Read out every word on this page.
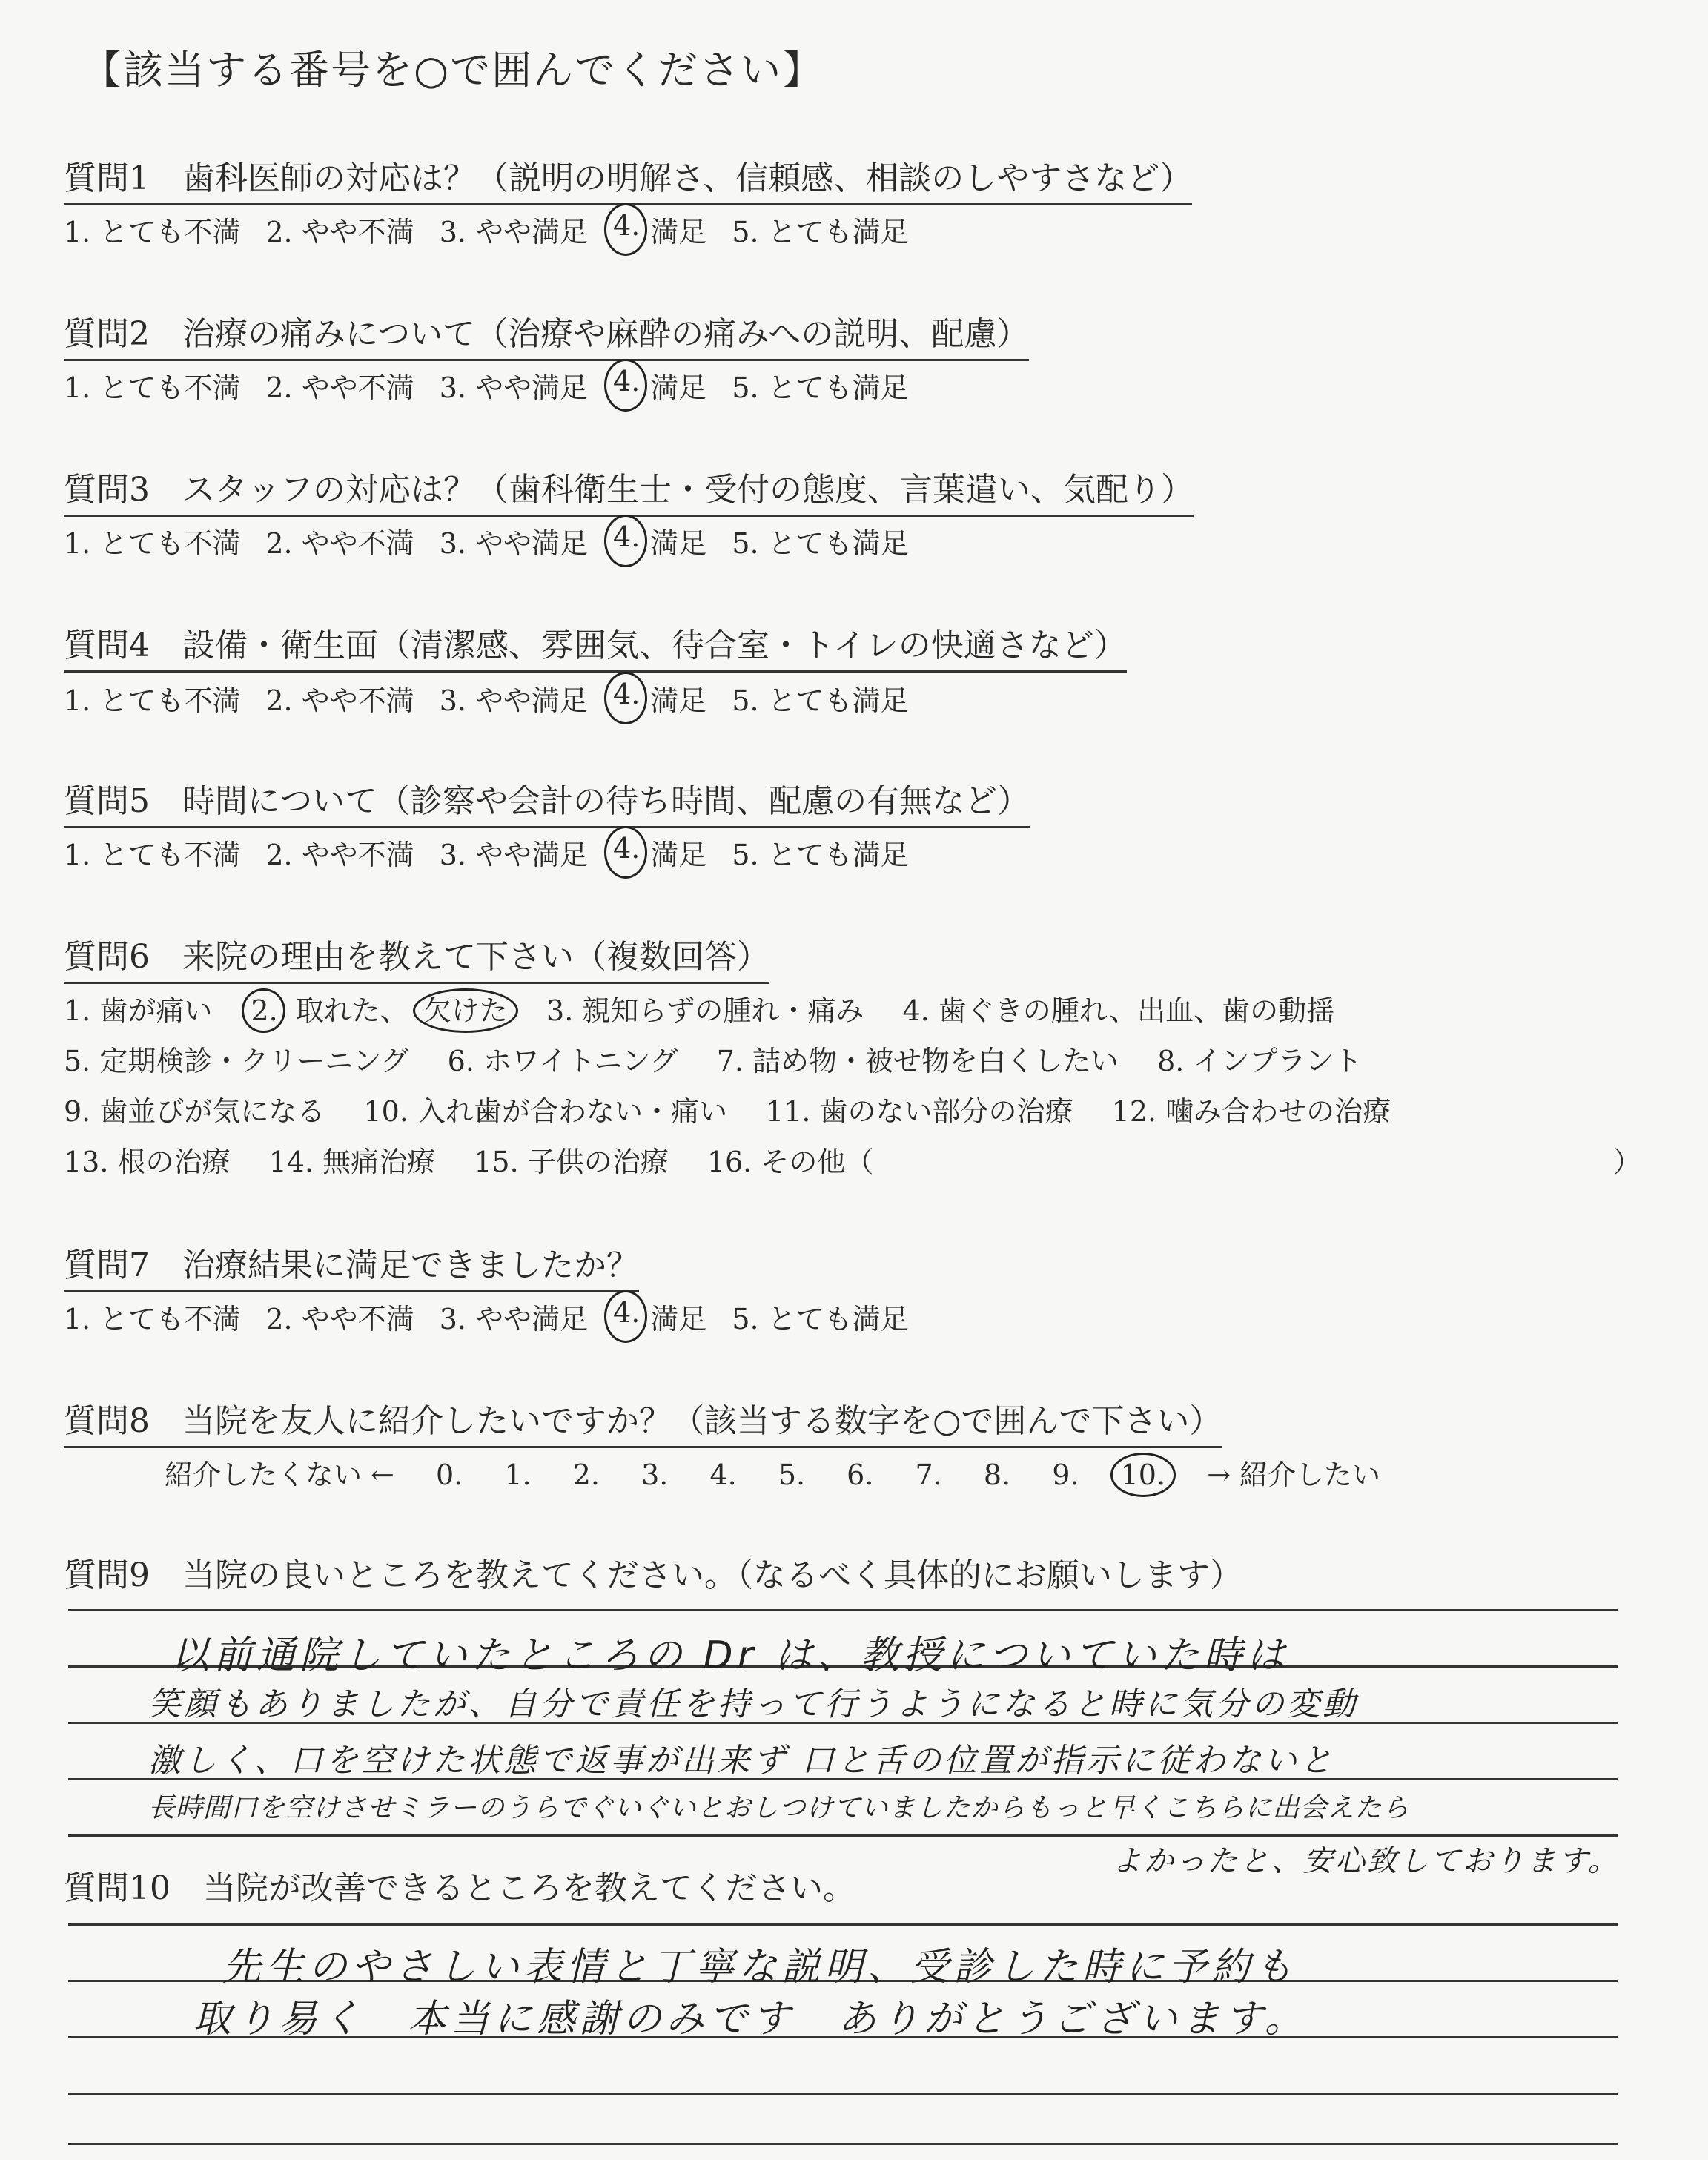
【該当する番号を○で囲んでください】
質問1　歯科医師の対応は？（説明の明解さ、信頼感、相談のしやすさなど）
1. とても不満 2. やや不満 3. やや満足 4. 満足 5. とても満足
質問2　治療の痛みについて（治療や麻酔の痛みへの説明、配慮）
1. とても不満 2. やや不満 3. やや満足 4. 満足 5. とても満足
質問3　スタッフの対応は？（歯科衛生士・受付の態度、言葉遣い、気配り）
1. とても不満 2. やや不満 3. やや満足 4. 満足 5. とても満足
質問4　設備・衛生面（清潔感、雰囲気、待合室・トイレの快適さなど）
1. とても不満 2. やや不満 3. やや満足 4. 満足 5. とても満足
質問5　時間について（診察や会計の待ち時間、配慮の有無など）
1. とても不満 2. やや不満 3. やや満足 4. 満足 5. とても満足
質問6　来院の理由を教えて下さい（複数回答）
1. 歯が痛い 2. 取れた、 欠けた 3. 親知らずの腫れ・痛み 4. 歯ぐきの腫れ、出血、歯の動揺
5. 定期検診・クリーニング 6. ホワイトニング 7. 詰め物・被せ物を白くしたい 8. インプラント
9. 歯並びが気になる 10. 入れ歯が合わない・痛い 11. 歯のない部分の治療 12. 噛み合わせの治療
13. 根の治療 14. 無痛治療 15. 子供の治療 16. その他（	）
質問7　治療結果に満足できましたか？
1. とても不満 2. やや不満 3. やや満足 4. 満足 5. とても満足
質問8　当院を友人に紹介したいですか？（該当する数字を○で囲んで下さい）
紹介したくない ← 0. 1. 2. 3. 4. 5. 6. 7. 8. 9. 10. → 紹介したい
質問9　当院の良いところを教えてください。（なるべく具体的にお願いします）
以前通院していたところの Dr は、教授についていた時は
笑顔もありましたが、自分で責任を持って行うようになると時に気分の変動
激しく、口を空けた状態で返事が出来ず 口と舌の位置が指示に従わないと
長時間口を空けさせミラーのうらでぐいぐいとおしつけていましたからもっと早くこちらに出会えたら
よかったと、安心致しております。
質問10　当院が改善できるところを教えてください。
先生のやさしい表情と丁寧な説明、受診した時に予約も
取り易く　本当に感謝のみです　ありがとうございます。
